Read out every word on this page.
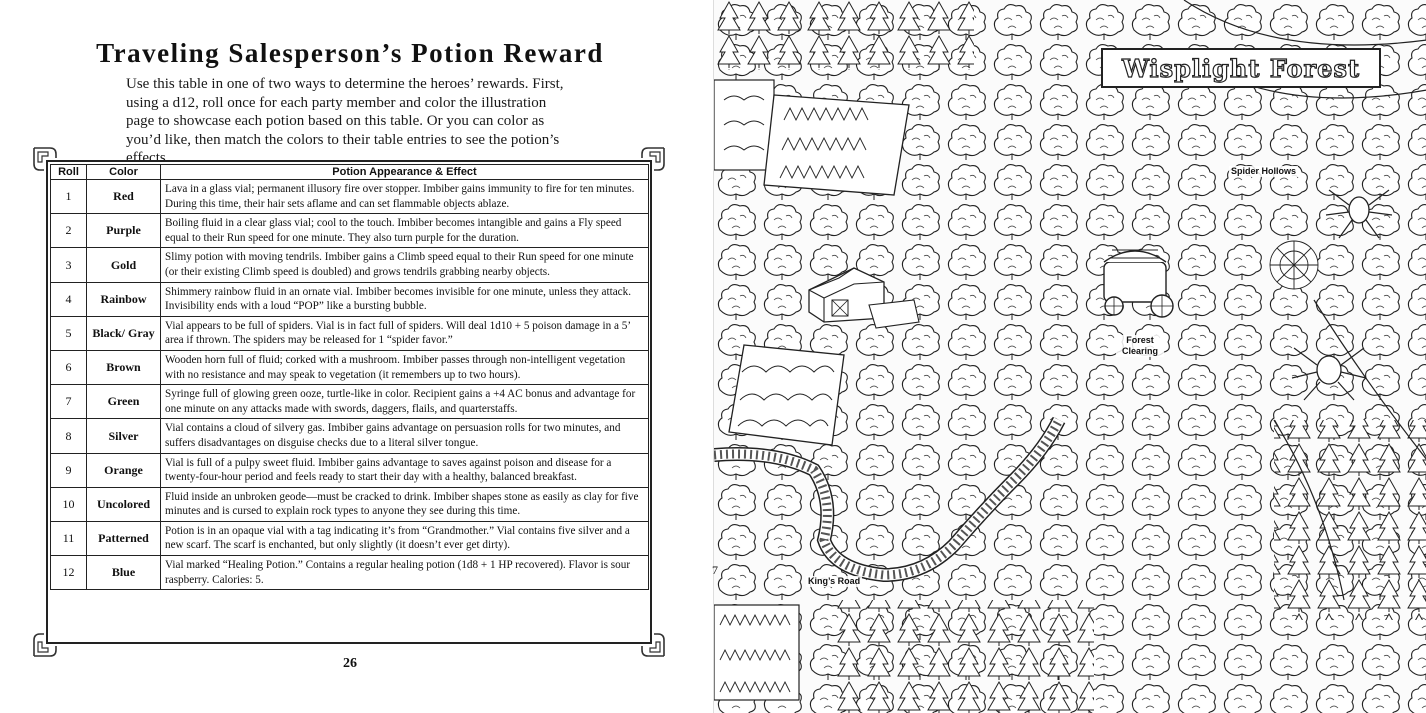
Traveling Salesperson’s Potion Reward
Use this table in one of two ways to determine the heroes’ rewards. First, using a d12, roll once for each party member and color the illustration page to showcase each potion based on this table. Or you can color as you’d like, then match the colors to their table entries to see the potion’s effects.
Roll	Color	Potion Appearance & Effect
1	Red	Lava in a glass vial; permanent illusory fire over stopper. Imbiber gains immunity to fire for ten minutes. During this time, their hair sets aflame and can set flammable objects ablaze.
2	Purple	Boiling fluid in a clear glass vial; cool to the touch. Imbiber becomes intangible and gains a Fly speed equal to their Run speed for one minute. They also turn purple for the duration.
3	Gold	Slimy potion with moving tendrils. Imbiber gains a Climb speed equal to their Run speed for one minute (or their existing Climb speed is doubled) and grows tendrils grabbing nearby objects.
4	Rainbow	Shimmery rainbow fluid in an ornate vial. Imbiber becomes invisible for one minute, unless they attack. Invisibility ends with a loud “POP” like a bursting bubble.
5	Black/ Gray	Vial appears to be full of spiders. Vial is in fact full of spiders. Will deal 1d10 + 5 poison damage in a 5’ area if thrown. The spiders may be released for 1 “spider favor.”
6	Brown	Wooden horn full of fluid; corked with a mushroom. Imbiber passes through non-intelligent vegetation with no resistance and may speak to vegetation (it remembers up to two hours).
7	Green	Syringe full of glowing green ooze, turtle-like in color. Recipient gains a +4 AC bonus and advantage for one minute on any attacks made with swords, daggers, flails, and quarterstaffs.
8	Silver	Vial contains a cloud of silvery gas. Imbiber gains advantage on persuasion rolls for two minutes, and suffers disadvantages on disguise checks due to a literal silver tongue.
9	Orange	Vial is full of a pulpy sweet fluid. Imbiber gains advantage to saves against poison and disease for a twenty-four-hour period and feels ready to start their day with a healthy, balanced breakfast.
10	Uncolored	Fluid inside an unbroken geode—must be cracked to drink. Imbiber shapes stone as easily as clay for five minutes and is cursed to explain rock types to anyone they see during this time.
11	Patterned	Potion is in an opaque vial with a tag indicating it’s from “Grandmother.” Vial contains five silver and a new scarf. The scarf is enchanted, but only slightly (it doesn’t ever get dirty).
12	Blue	Vial marked “Healing Potion.” Contains a regular healing potion (1d8 + 1 HP recovered). Flavor is sour raspberry. Calories: 5.
26
Spider Hollows
Forest Clearing
King’s Road
Wisplight Forest
7
